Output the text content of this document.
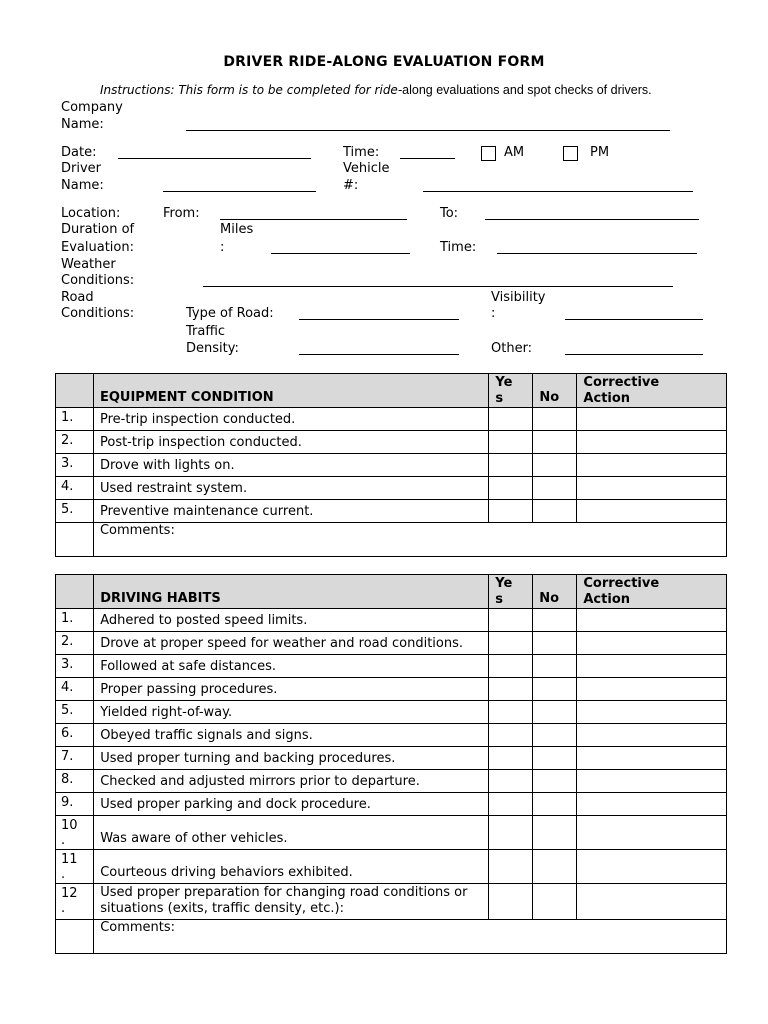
DRIVER RIDE-ALONG EVALUATION FORM
Instructions: This form is to be completed for ride-along evaluations and spot checks of drivers.
Company
Name:
Date:	Time:	AM	PM
Driver
Name:
Vehicle
#:
Location:	From:	To:
Duration of
Evaluation:
Miles
:	Time:
Weather
Conditions:
Road
Conditions:	Type of Road:
Visibility
:
Traffic
Density:	Other:
	EQUIPMENT CONDITION	Ye
s	No	Corrective
Action
1.	Pre-trip inspection conducted.			
2.	Post-trip inspection conducted.			
3.	Drove with lights on.			
4.	Used restraint system.			
5.	Preventive maintenance current.			
	Comments:			
	DRIVING HABITS	Ye
s	No	Corrective
Action
1.	Adhered to posted speed limits.			
2.	Drove at proper speed for weather and road conditions.			
3.	Followed at safe distances.			
4.	Proper passing procedures.			
5.	Yielded right-of-way.			
6.	Obeyed traffic signals and signs.			
7.	Used proper turning and backing procedures.			
8.	Checked and adjusted mirrors prior to departure.			
9.	Used proper parking and dock procedure.			
10
.	Was aware of other vehicles.			
11
.	Courteous driving behaviors exhibited.			
12
.	Used proper preparation for changing road conditions or
situations (exits, traffic density, etc.):			
	Comments:			
